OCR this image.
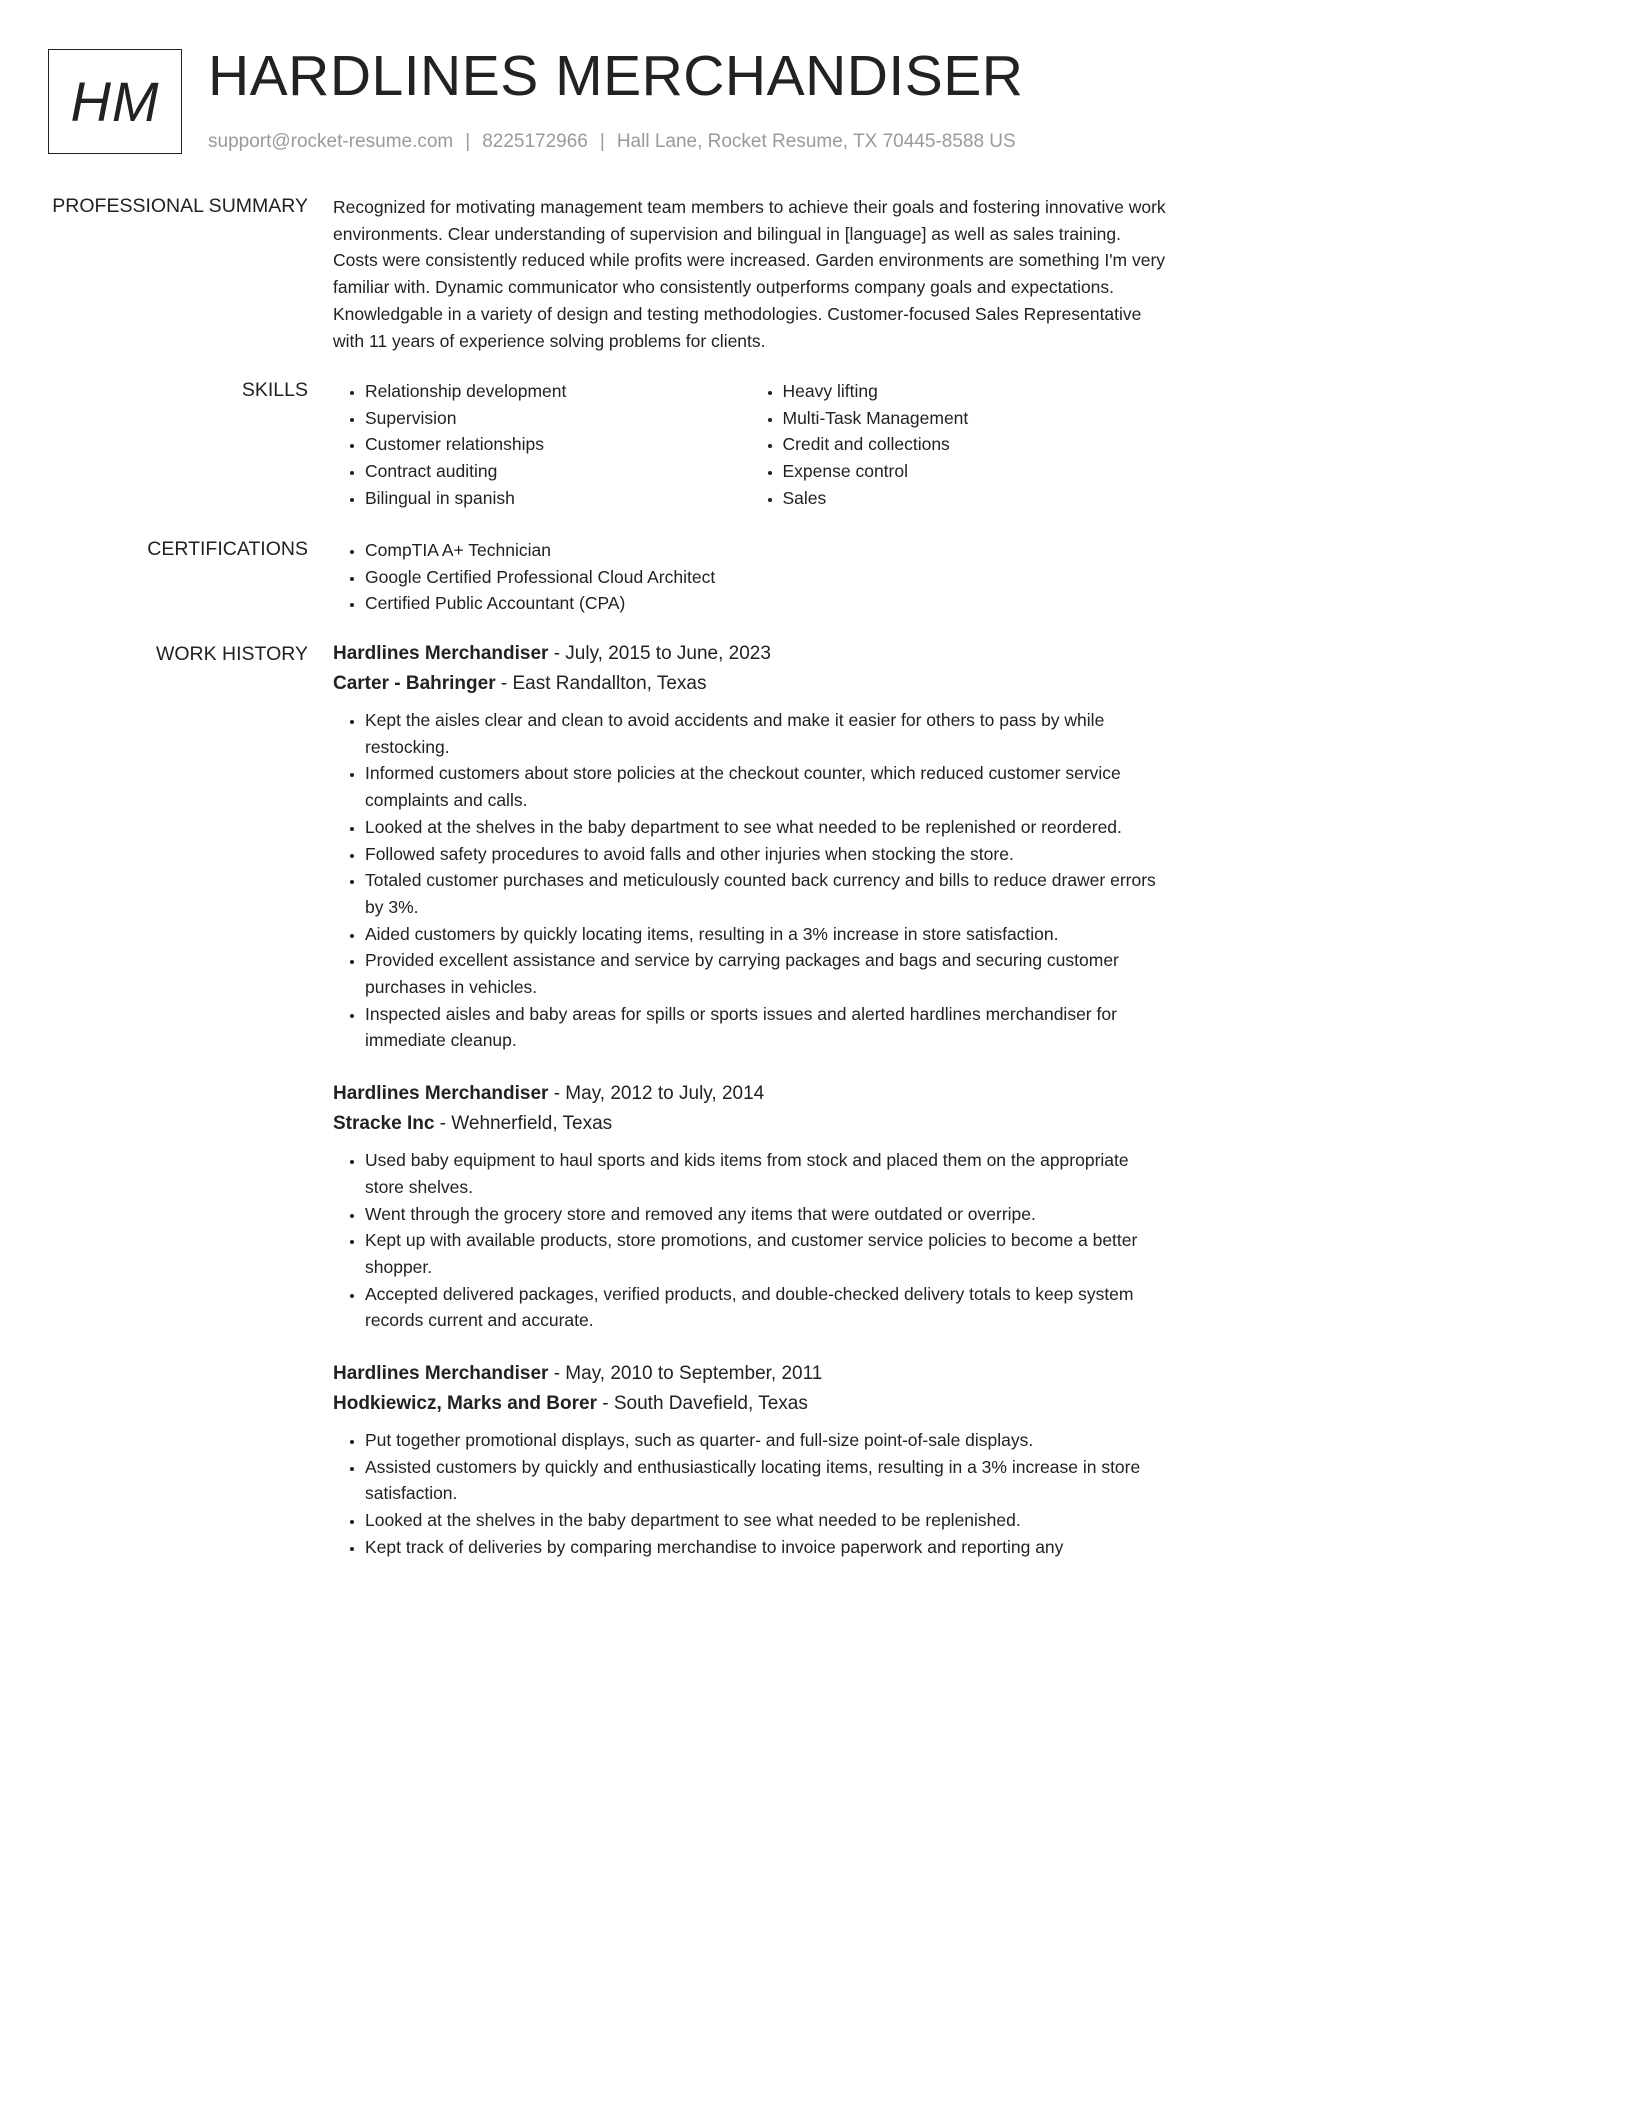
HM HARDLINES MERCHANDISER
support@rocket-resume.com | 8225172966 | Hall Lane, Rocket Resume, TX 70445-8588 US
PROFESSIONAL SUMMARY Recognized for motivating management team members to achieve their goals and fostering innovative work environments. Clear understanding of supervision and bilingual in [language] as well as sales training. Costs were consistently reduced while profits were increased. Garden environments are something I'm very familiar with. Dynamic communicator who consistently outperforms company goals and expectations. Knowledgable in a variety of design and testing methodologies. Customer-focused Sales Representative with 11 years of experience solving problems for clients.

SKILLS	• Relationship development
• Supervision
• Customer relationships
• Contract auditing
• Bilingual in spanish
• Heavy lifting
• Multi-Task Management
• Credit and collections
• Expense control
• Sales
CERTIFICATIONS	• CompTIA A+ Technician
• Google Certified Professional Cloud Architect
• Certified Public Accountant (CPA)
WORK HISTORY Hardlines Merchandiser - July, 2015 to June, 2023
Carter - Bahringer - East Randallton, Texas
• Kept the aisles clear and clean to avoid accidents and make it easier for others to pass by while restocking.
• Informed customers about store policies at the checkout counter, which reduced customer service complaints and calls.
• Looked at the shelves in the baby department to see what needed to be replenished or reordered.
• Followed safety procedures to avoid falls and other injuries when stocking the store.
• Totaled customer purchases and meticulously counted back currency and bills to reduce drawer errors by 3%.
• Aided customers by quickly locating items, resulting in a 3% increase in store satisfaction.
• Provided excellent assistance and service by carrying packages and bags and securing customer purchases in vehicles.
• Inspected aisles and baby areas for spills or sports issues and alerted hardlines merchandiser for immediate cleanup.
Hardlines Merchandiser - May, 2012 to July, 2014
Stracke Inc - Wehnerfield, Texas
• Used baby equipment to haul sports and kids items from stock and placed them on the appropriate store shelves.
• Went through the grocery store and removed any items that were outdated or overripe.
• Kept up with available products, store promotions, and customer service policies to become a better shopper.
• Accepted delivered packages, verified products, and double-checked delivery totals to keep system records current and accurate.
Hardlines Merchandiser - May, 2010 to September, 2011
Hodkiewicz, Marks and Borer - South Davefield, Texas
• Put together promotional displays, such as quarter- and full-size point-of-sale displays.
• Assisted customers by quickly and enthusiastically locating items, resulting in a 3% increase in store satisfaction.
• Looked at the shelves in the baby department to see what needed to be replenished.
• Kept track of deliveries by comparing merchandise to invoice paperwork and reporting any
